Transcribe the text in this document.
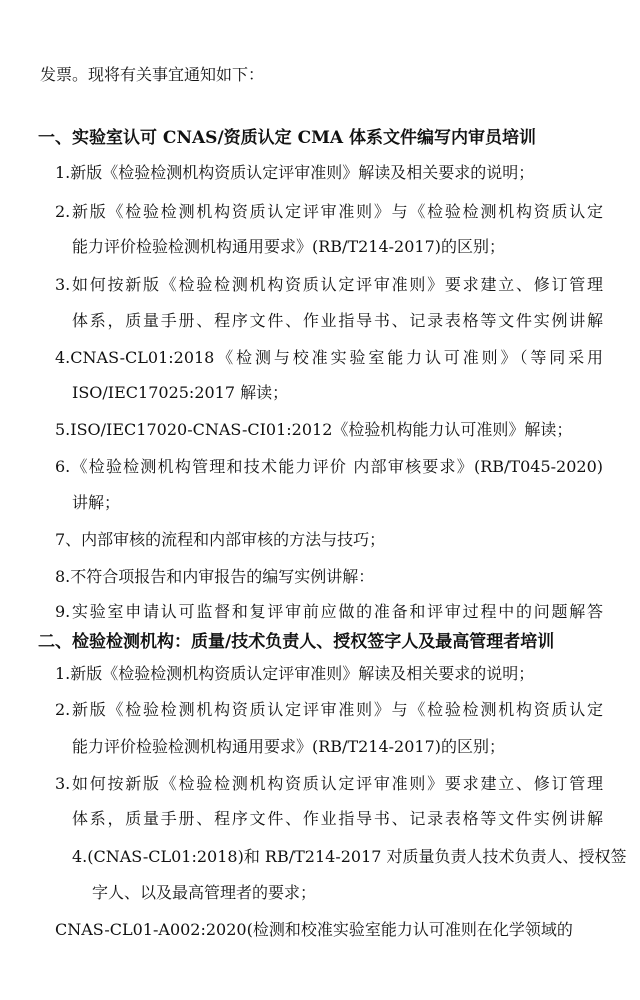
发票。现将有关事宜通知如下：
一、实验室认可 CNAS/资质认定 CMA 体系文件编写内审员培训
1.新版《检验检测机构资质认定评审准则》解读及相关要求的说明；
2.新版《检验检测机构资质认定评审准则》与《检验检测机构资质认定
能力评价检验检测机构通用要求》(RB/T214-2017)的区别；
3.如何按新版《检验检测机构资质认定评审准则》要求建立、修订管理
体系，质量手册、程序文件、作业指导书、记录表格等文件实例讲解
4.CNAS-CL01:2018《检测与校准实验室能力认可准则》（等同采用
ISO/IEC17025:2017 解读；
5.ISO/IEC17020-CNAS-CI01:2012《检验机构能力认可准则》解读；
6.《检验检测机构管理和技术能力评价 内部审核要求》(RB/T045-2020)
讲解；
7、内部审核的流程和内部审核的方法与技巧；
8.不符合项报告和内审报告的编写实例讲解：
9.实验室申请认可监督和复评审前应做的准备和评审过程中的问题解答
二、检验检测机构：质量/技术负责人、授权签字人及最高管理者培训
1.新版《检验检测机构资质认定评审准则》解读及相关要求的说明；
2.新版《检验检测机构资质认定评审准则》与《检验检测机构资质认定
能力评价检验检测机构通用要求》(RB/T214-2017)的区别；
3.如何按新版《检验检测机构资质认定评审准则》要求建立、修订管理
体系，质量手册、程序文件、作业指导书、记录表格等文件实例讲解
4.(CNAS-CL01:2018)和 RB/T214-2017 对质量负责人技术负责人、授权签
字人、以及最高管理者的要求；
CNAS-CL01-A002:2020(检测和校准实验室能力认可准则在化学领域的
